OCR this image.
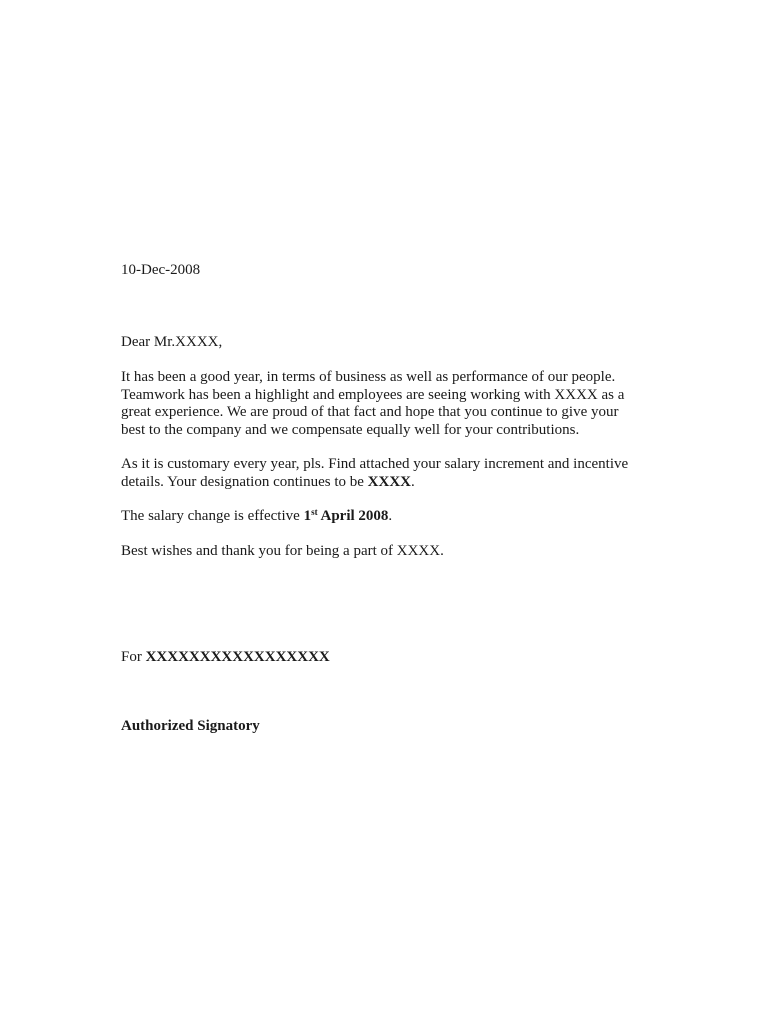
10-Dec-2008
Dear Mr.XXXX,
It has been a good year, in terms of business as well as performance of our people.
Teamwork has been a highlight and employees are seeing working with XXXX as a
great experience. We are proud of that fact and hope that you continue to give your
best to the company and we compensate equally well for your contributions.
As it is customary every year, pls. Find attached your salary increment and incentive
details. Your designation continues to be XXXX.
The salary change is effective 1st April 2008.
Best wishes and thank you for being a part of XXXX.
For XXXXXXXXXXXXXXXXX
Authorized Signatory
